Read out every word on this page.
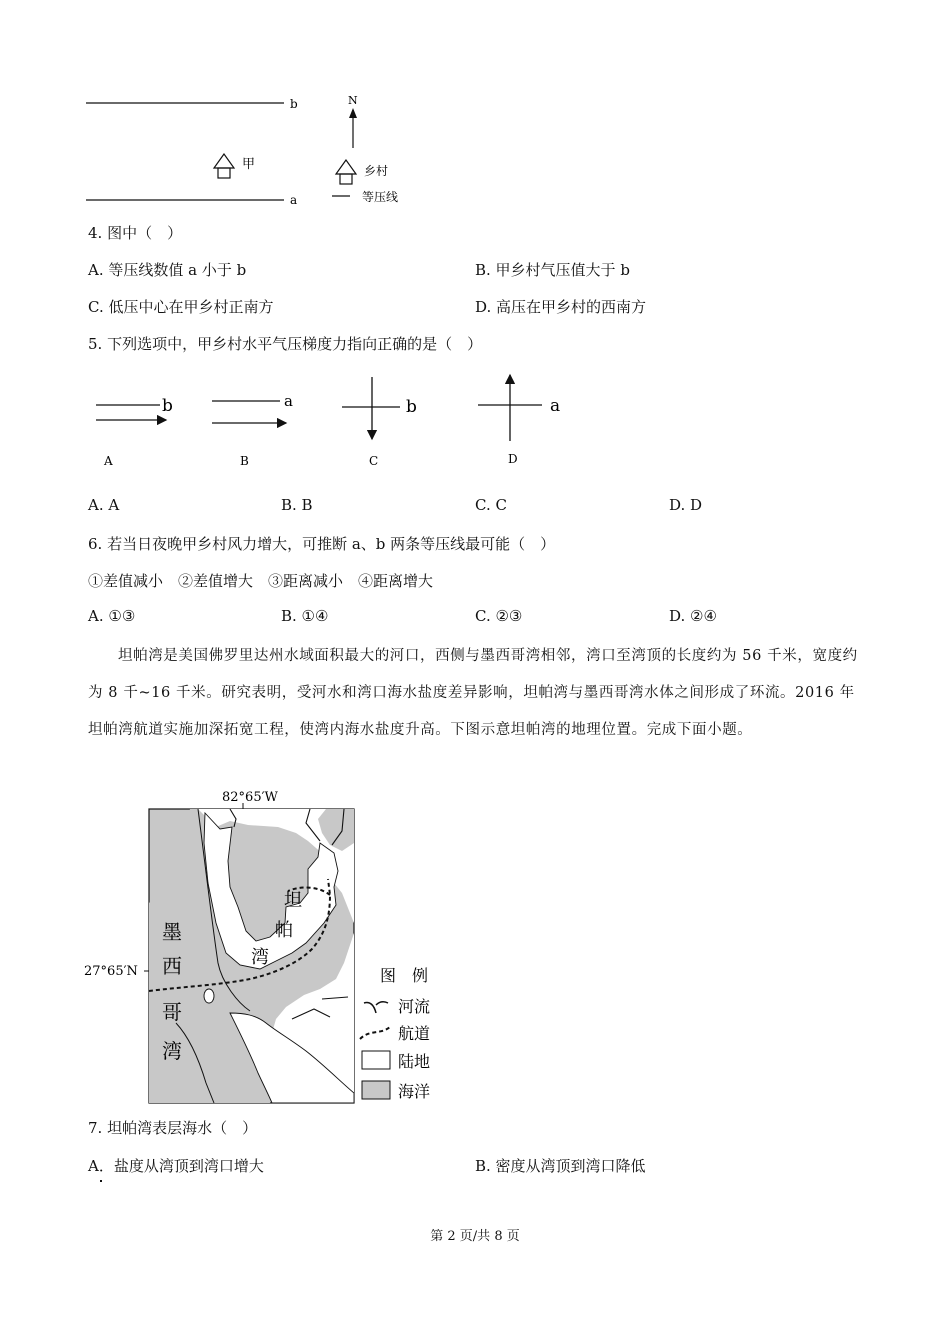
b
a
甲
N
乡村
等压线
4. 图中（　）
A. 等压线数值 a 小于 b	B. 甲乡村气压值大于 b
C. 低压中心在甲乡村正南方	D. 高压在甲乡村的西南方
5. 下列选项中，甲乡村水平气压梯度力指向正确的是（　）
b
A
a
B
b
C
a
D
A. A	B. B	C. C	D. D
6. 若当日夜晚甲乡村风力增大，可推断 a、b 两条等压线最可能（　）
①差值减小　②差值增大　③距离减小　④距离增大
A. ①③	B. ①④	C. ②③	D. ②④
坦帕湾是美国佛罗里达州水域面积最大的河口，西侧与墨西哥湾相邻，湾口至湾顶的长度约为 56 千米，宽度约为 8 千~16 千米。研究表明，受河水和湾口海水盐度差异影响，坦帕湾与墨西哥湾水体之间形成了环流。2016 年坦帕湾航道实施加深拓宽工程，使湾内海水盐度升高。下图示意坦帕湾的地理位置。完成下面小题。
82°65′W
27°65′N
墨
西
哥
湾
坦
帕
湾
图　例
河流
航道
陆地
海洋
7. 坦帕湾表层海水（　）
A．盐度从湾顶到湾口增大	B. 密度从湾顶到湾口降低
第 2 页/共 8 页
